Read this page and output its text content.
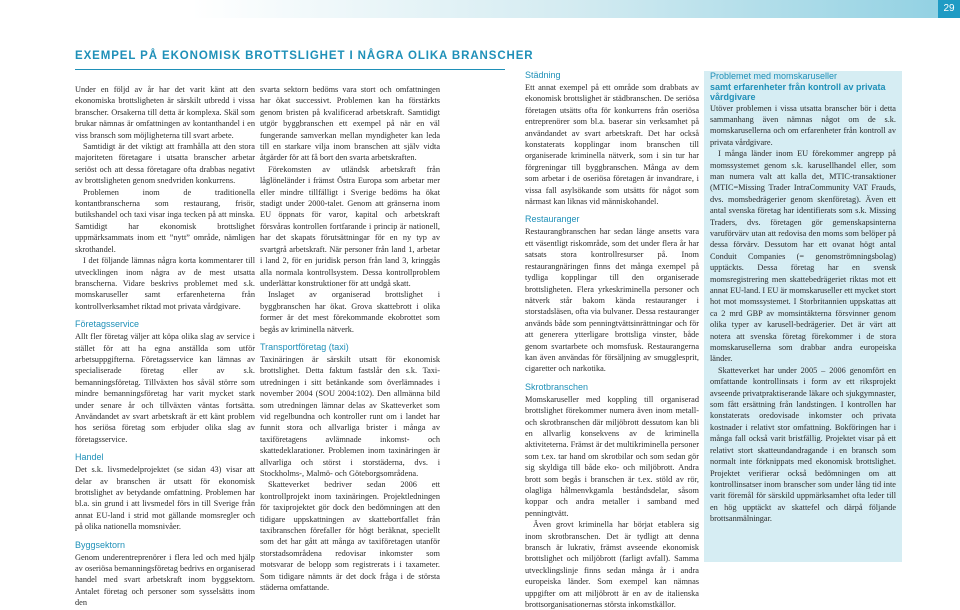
29
EXEMPEL PÅ EKONOMISK BROTTSLIGHET I NÅGRA OLIKA BRANSCHER

Under en följd av år har det varit känt att den ekonomiska brottsligheten är särskilt utbredd i vissa branscher. Orsakerna till detta är komplexa. Skäl som brukar nämnas är omfattningen av kontanthandel i en viss bransch som möjligheterna till svart arbete.

Samtidigt är det viktigt att framhålla att den stora majoriteten företagare i utsatta branscher arbetar seriöst och att dessa företagare ofta drabbas negativt av brottsligheten genom snedvriden konkurrens.

Problemen inom de traditionella kontantbranscherna som restaurang, frisör, butikshandel och taxi visar inga tecken på att minska. Samtidigt har ekonomisk brottslighet uppmärksammats inom ett ”nytt” område, nämligen skrothandel.

I det följande lämnas några korta kommentarer till utvecklingen inom några av de mest utsatta branscherna. Vidare beskrivs problemet med s.k. momskaruseller samt erfarenheterna från kontrollverksamhet riktad mot privata vårdgivare.

Företagsservice

Allt fler företag väljer att köpa olika slag av service i stället för att ha egna anställda som utför arbetsuppgifterna. Företagsservice kan lämnas av specialiserade företag eller av s.k. bemanningsföretag. Tillväxten hos såväl större som mindre bemanningsföretag har varit mycket stark under senare år och tillväxten väntas fortsätta. Användandet av svart arbetskraft är ett känt problem hos seriösa företag som erbjuder olika slag av företagsservice.

Handel

Det s.k. livsmedelprojektet (se sidan 43) visar att delar av branschen är utsatt för ekonomisk brottslighet av betydande omfattning. Problemen har bl.a. sin grund i att livsmedel förs in till Sverige från annat EU-land i strid mot gällande momsregler och på olika nationella momsnivåer.

Byggsektorn

Genom underentreprenörer i flera led och med hjälp av oseriösa bemanningsföretag bedrivs en organiserad handel med svart arbetskraft inom byggsektorn. Antalet företag och personer som sysselsätts inom den

svarta sektorn bedöms vara stort och omfattningen har ökat successivt. Problemen kan ha förstärkts genom bristen på kvalificerad arbetskraft. Samtidigt utgör byggbranschen ett exempel på när en väl fungerande samverkan mellan myndigheter kan leda till en starkare vilja inom branschen att själv vidta åtgärder för att få bort den svarta arbetskraften.

Förekomsten av utländsk arbetskraft från låglöneländer i främst Östra Europa som arbetar mer eller mindre tillfälligt i Sverige bedöms ha ökat stadigt under 2000-talet. Genom att gränserna inom EU öppnats för varor, kapital och arbetskraft försvåras kontrollen fortfarande i princip är nationell, har det skapats förutsättningar för en ny typ av svartgrå arbetskraft. När personer från land 1, arbetar i land 2, för en juridisk person från land 3, kringgås alla normala kontrollsystem. Dessa kontrollproblem underlättar konstruktioner för att undgå skatt.

Inslaget av organiserad brottslighet i byggbranschen har ökat. Grova skattebrott i olika former är det mest förekommande ekobrottet som begås av kriminella nätverk.

Transportföretag (taxi)

Taxinäringen är särskilt utsatt för ekonomisk brottslighet. Detta faktum fastslår den s.k. Taxi-utredningen i sitt betänkande som överlämnades i november 2004 (SOU 2004:102). Den allmänna bild som utredningen lämnar delas av Skatteverket som vid regelbundna och kontroller runt om i landet har funnit stora och allvarliga brister i många av taxiföretagens avlämnade inkomst- och skattedeklarationer. Problemen inom taxinäringen är allvarliga och störst i storstäderna, dvs. i Stockholms-, Malmö- och Göteborgsområdena.

Skatteverket bedriver sedan 2006 ett kontrollprojekt inom taxinäringen. Projektledningen för taxiprojektet gör dock den bedömningen att den tidigare uppskattningen av skattebortfallet från taxibranschen förefaller för högt beräknat, speciellt som det har gått att många av taxiföretagen utanför storstadsområdena redovisar inkomster som motsvarar de belopp som registrerats i i taxameter. Som tidigare nämnts är det dock fråga i de största städerna omfattande.

Städning

Ett annat exempel på ett område som drabbats av ekonomisk brottslighet är städbranschen. De seriösa företagen utsätts ofta för konkurrens från oseriösa entreprenörer som bl.a. baserar sin verksamhet på användandet av svart arbetskraft. Det har också konstaterats kopplingar inom branschen till organiserade kriminella nätverk, som i sin tur har förgreningar till byggbranschen. Många av dem som arbetar i de oseriösa företagen är invandrare, i vissa fall asylsökande som utsätts för något som närmast kan liknas vid människohandel.

Restauranger

Restaurangbranschen har sedan länge ansetts vara ett väsentligt riskområde, som det under flera år har satsats stora kontrollresurser på. Inom restaurangnäringen finns det många exempel på tydliga kopplingar till den organiserade brottsligheten. Flera yrkeskriminella personer och nätverk står bakom kända restauranger i storstadsläsen, ofta via bulvaner. Dessa restauranger används både som penningtvättsinrättningar och för att generera ytterligare brottsliga vinster, både genom svartarbete och momsfusk. Restaurangerna kan även användas för försäljning av smugglesprit, cigaretter och narkotika.

Skrotbranschen

Momskaruseller med koppling till organiserad brottslighet förekommer numera även inom metall- och skrotbranschen där miljöbrott dessutom kan bli en allvarlig konsekvens av de kriminella aktiviteterna. Främst är det multikriminella personer som t.ex. tar hand om skrotbilar och som sedan gör sig skyldiga till både eko- och miljöbrott. Andra brott som begås i branschen är t.ex. stöld av rör, olagliga hålmenvkgamla beståndsdelar, såsom koppar och andra metaller i samband med penningtvätt.

Även grovt kriminella har börjat etablera sig inom skrotbranschen. Det är tydligt att denna bransch är lukrativ, främst avseende ekonomisk brottslighet och miljöbrott (farligt avfall). Samma utvecklingslinje finns sedan många år i andra europeiska länder. Som exempel kan nämnas uppgifter om att miljöbrott är en av de italienska brottsorganisationernas största inkomstkällor.

Problemet med momskaruseller
samt erfarenheter från kontroll av privata vårdgivare

Utöver problemen i vissa utsatta branscher bör i detta sammanhang även nämnas något om de s.k. momskarusellerna och om erfarenheter från kontroll av privata vårdgivare.

I många länder inom EU förekommer angrepp på momssystemet genom s.k. karusellhandel eller, som man numera valt att kalla det, MTIC-transaktioner (MTIC=Missing Trader IntraCommunity VAT Frauds, dvs. momsbedrägerier genom skenföretag). Även ett antal svenska företag har identifierats som s.k. Missing Traders, dvs. företagen gör gemenskapsinterna varuförvärv utan att redovisa den moms som belöper på dessa förvärv. Dessutom har ett ovanat högt antal Conduit Companies (= genomströmningsbolag) upptäckts. Dessa företag har en svensk momsregistrering men skattebedrägeriet riktas mot ett annat EU-land. I EU är momskaruseller ett mycket stort hot mot momssystemet. I Storbritannien uppskattas att ca 2 mrd GBP av momsintäkterna försvinner genom olika typer av karusell-bedrägerier. Det är värt att notera att svenska företag förekommer i de stora momskarusellerna som drabbar andra europeiska länder.

Skatteverket har under 2005 – 2006 genomfört en omfattande kontrollinsats i form av ett riksprojekt avseende privatpraktiserande läkare och sjukgymnaster, som fått ersättning från landstingen. I kontrollen har konstaterats oredovisade inkomster och privata kostnader i relativt stor omfattning. Bokföringen har i många fall också varit bristfällig. Projektet visar på ett relativt stort skatteundandragande i en bransch som normalt inte förknippats med ekonomisk brottslighet. Projektet verifierar också bedömningen om att kontrollinsatser inom branscher som under lång tid inte varit föremål för särskild uppmärksamhet ofta leder till en hög upptäckt av skattefel och därpå följande brottsanmälningar.
